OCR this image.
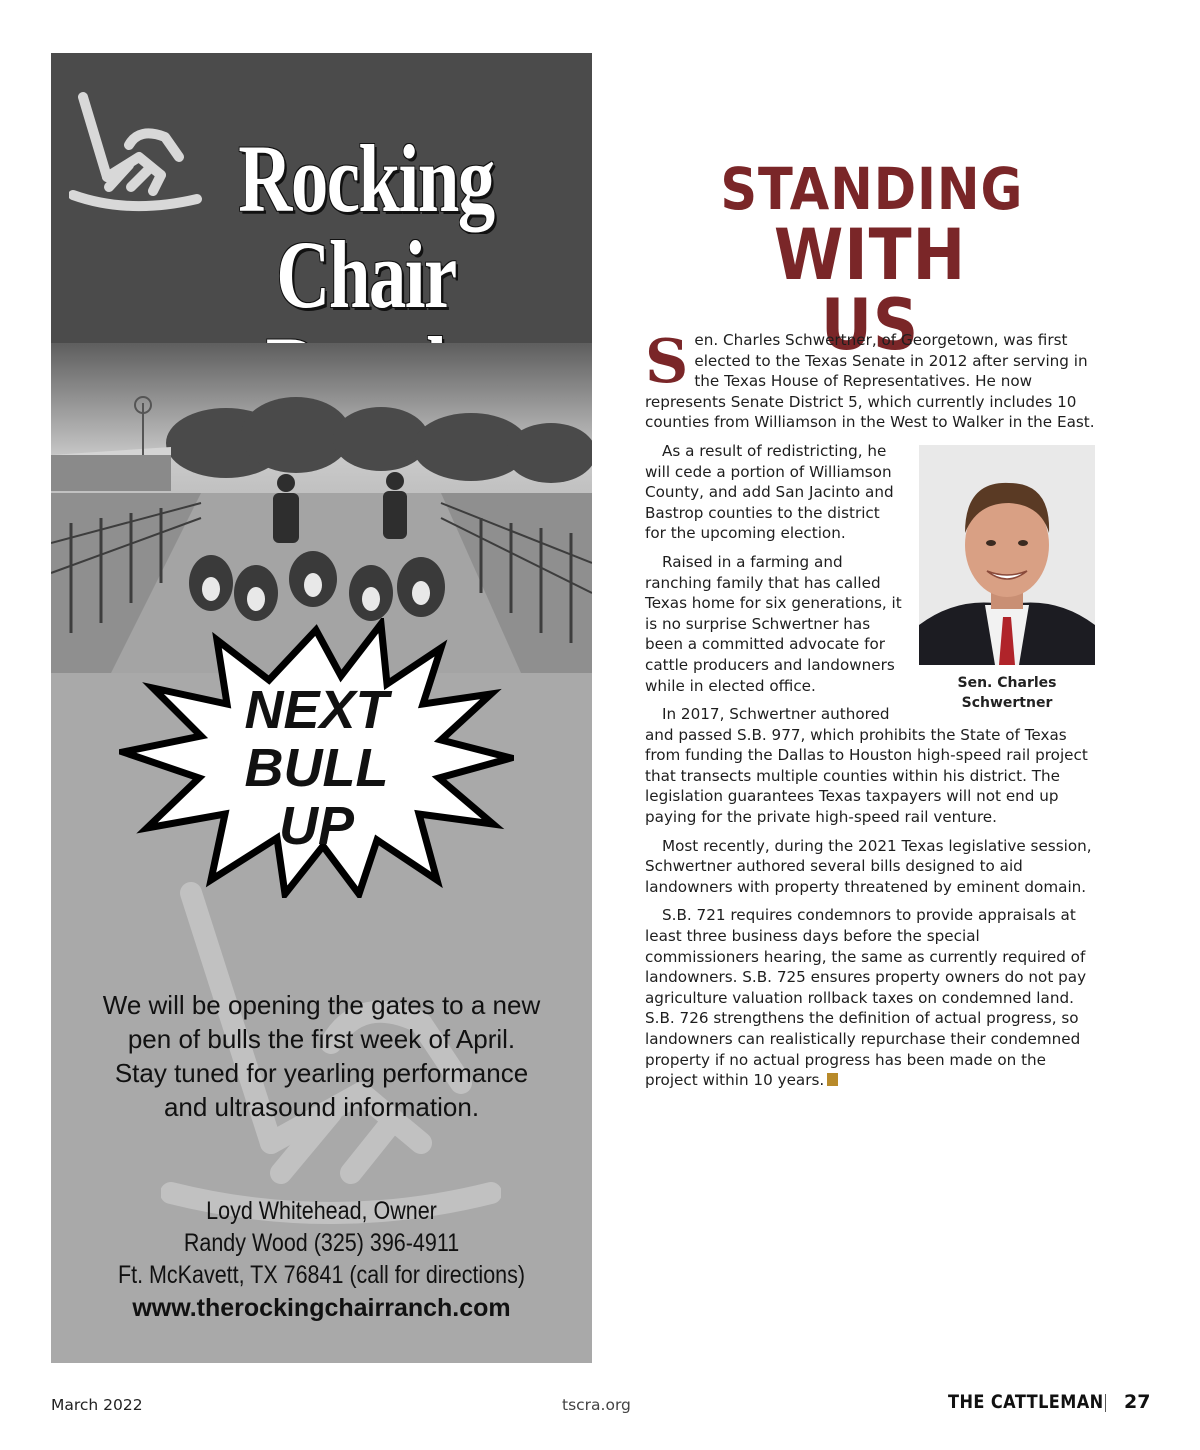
Rocking
Chair
NEXT
BULL
UP
We will be opening the gates to a new
pen of bulls the first week of April.
Stay tuned for yearling performance
and ultrasound information.
Loyd Whitehead, Owner
Randy Wood (325) 396-4911
Ft. McKavett, TX 76841 (call for directions)
www.therockingchairranch.com
STANDING
WITH US

S en. Charles Schwertner, of Georgetown, was first elected to the Texas Senate in 2012 after serving in the Texas House of Representatives. He now represents Senate District 5, which currently includes 10 counties from Williamson in the West to Walker in the East.

Sen. Charles
Schwertner

As a result of redistricting, he will cede a portion of Williamson County, and add San Jacinto and Bastrop counties to the district for the upcoming election.

Raised in a farming and ranching family that has called Texas home for six generations, it is no surprise Schwertner has been a committed advocate for cattle producers and landowners while in elected office.

In 2017, Schwertner authored and passed S.B. 977, which prohibits the State of Texas from funding the Dallas to Houston high-speed rail project that transects multiple counties within his district. The legislation guarantees Texas taxpayers will not end up paying for the private high-speed rail venture.

Most recently, during the 2021 Texas legislative session, Schwertner authored several bills designed to aid landowners with property threatened by eminent domain.

S.B. 721 requires condemnors to provide appraisals at least three business days before the special commissioners hearing, the same as currently required of landowners. S.B. 725 ensures property owners do not pay agriculture valuation rollback taxes on condemned land. S.B. 726 strengthens the definition of actual progress, so landowners can realistically repurchase their condemned property if no actual progress has been made on the project within 10 years.

March 2022	tscra.org	THE CATTLEMAN 27
